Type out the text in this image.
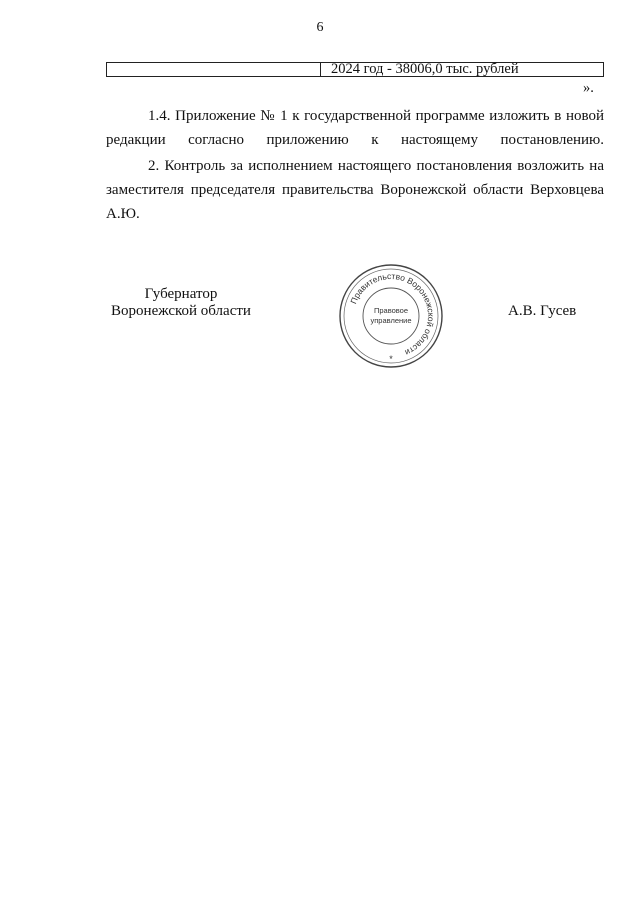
6
2024 год - 38006,0 тыс. рублей
».
1.4. Приложение № 1 к государственной программе изложить в новой редакции согласно приложению к настоящему постановлению.
2. Контроль за исполнением настоящего постановления возложить на заместителя председателя правительства Воронежской области Верховцева А.Ю.
Губернатор
Воронежской области
Правительство Воронежской области
Правовое
управление
*
А.В. Гусев
